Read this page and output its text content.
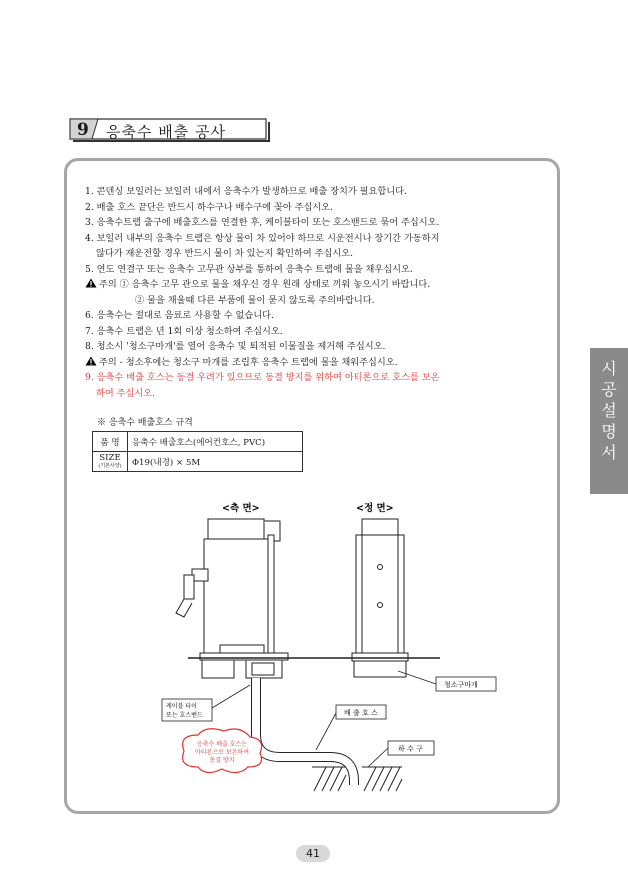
9 응축수 배출 공사
1. 콘덴싱 보일러는 보일러 내에서 응축수가 발생하므로 배출 장치가 필요합니다.
2. 배출 호스 끝단은 반드시 하수구나 배수구에 꽂아 주십시오.
3. 응축수트랩 출구에 배출호스를 연결한 후, 케이블타이 또는 호스밴드로 묶어 주십시오.
4. 보일러 내부의 응축수 트랩은 항상 물이 차 있어야 하므로 시운전시나 장기간 가동하지
않다가 재운전할 경우 반드시 물이 차 있는지 확인하여 주십시오.
5. 연도 연결구 또는 응축수 고무관 상부를 통하여 응축수 트랩에 물을 채우십시오.
주의 ① 응축수 고무 관으로 물을 채우신 경우 원래 상태로 끼워 놓으시기 바랍니다.
② 물을 채울때 다른 부품에 물이 묻지 않도록 주의바랍니다.
6. 응축수는 절대로 음료로 사용할 수 없습니다.
7. 응축수 트랩은 년 1회 이상 청소하여 주십시오.
8. 청소시 '청소구마개'를 열어 응축수 및 퇴적된 이물질을 제거해 주십시오.
주의 - 청소후에는 청소구 마개를 조립후 응축수 트랩에 물을 채워주십시오.
9. 응축수 배출 호스는 동결 우려가 있으므로 동결 방지를 위하여 아티론으로 호스를 보온
하여 주십시오.
※ 응축수 배출호스 규격
품 명	응축수 배출호스(에어컨호스, PVC)

SIZE
(기본사양)	Φ19(내경) × 5M
시
공
설
명
서
<측 면>	<정 면>
청소구마개
케이블 타이
또는 호스밴드	배 출 호 스
하 수 구
응축수 배출 호스는
아티론으로 보온하여
동결 방지
41
